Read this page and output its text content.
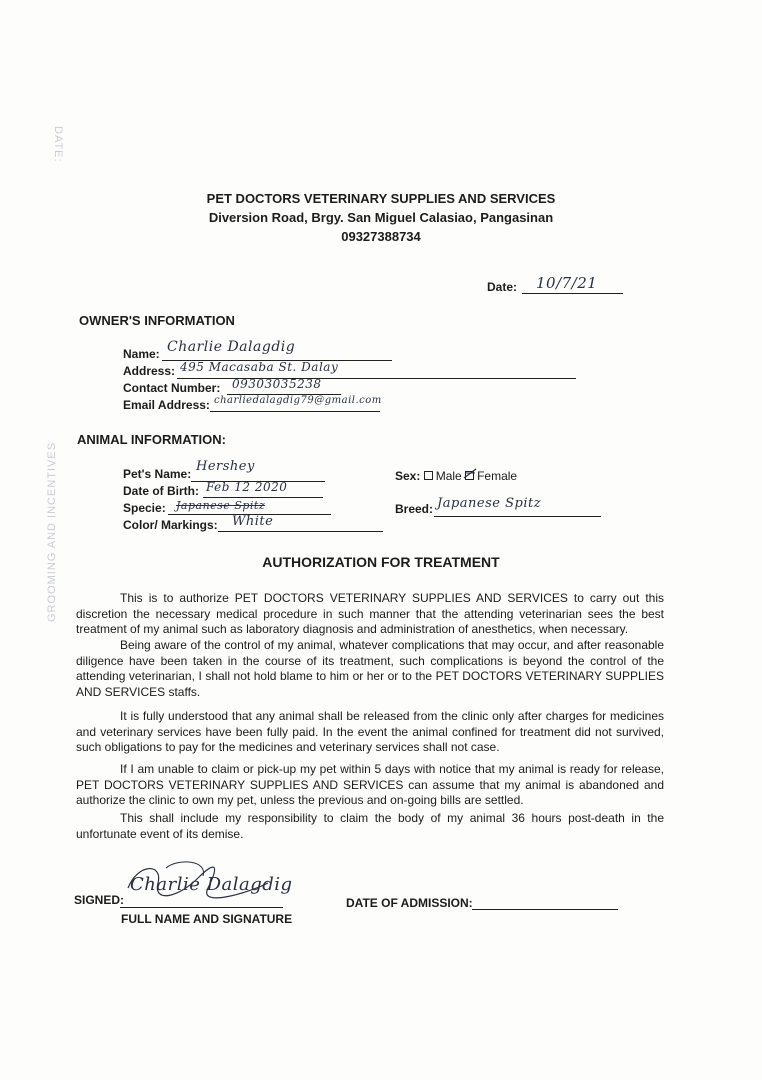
DATE:
GROOMING AND INCENTIVES
PET DOCTORS VETERINARY SUPPLIES AND SERVICES
Diversion Road, Brgy. San Miguel Calasiao, Pangasinan
09327388734
Date: 10/7/21
OWNER'S INFORMATION
Name: Charlie Dalagdig
Address: 495 Macasaba St. Dalay
Contact Number: 09303035238
Email Address: charliedalagdig79@gmail.com
ANIMAL INFORMATION:
Pet's Name: Hershey
Date of Birth: Feb 12 2020
Specie: Japanese Spitz
Color/ Markings: White
Sex: Male Female
Breed: Japanese Spitz
AUTHORIZATION FOR TREATMENT

This is to authorize PET DOCTORS VETERINARY SUPPLIES AND SERVICES to carry out this discretion the necessary medical procedure in such manner that the attending veterinarian sees the best treatment of my animal such as laboratory diagnosis and administration of anesthetics, when necessary.

Being aware of the control of my animal, whatever complications that may occur, and after reasonable diligence have been taken in the course of its treatment, such complications is beyond the control of the attending veterinarian, I shall not hold blame to him or her or to the PET DOCTORS VETERINARY SUPPLIES AND SERVICES staffs.

It is fully understood that any animal shall be released from the clinic only after charges for medicines and veterinary services have been fully paid. In the event the animal confined for treatment did not survived, such obligations to pay for the medicines and veterinary services shall not case.

If I am unable to claim or pick-up my pet within 5 days with notice that my animal is ready for release, PET DOCTORS VETERINARY SUPPLIES AND SERVICES can assume that my animal is abandoned and authorize the clinic to own my pet, unless the previous and on-going bills are settled.

This shall include my responsibility to claim the body of my animal 36 hours post-death in the unfortunate event of its demise.

SIGNED:
Charlie Dalagdig
FULL NAME AND SIGNATURE
DATE OF ADMISSION:
